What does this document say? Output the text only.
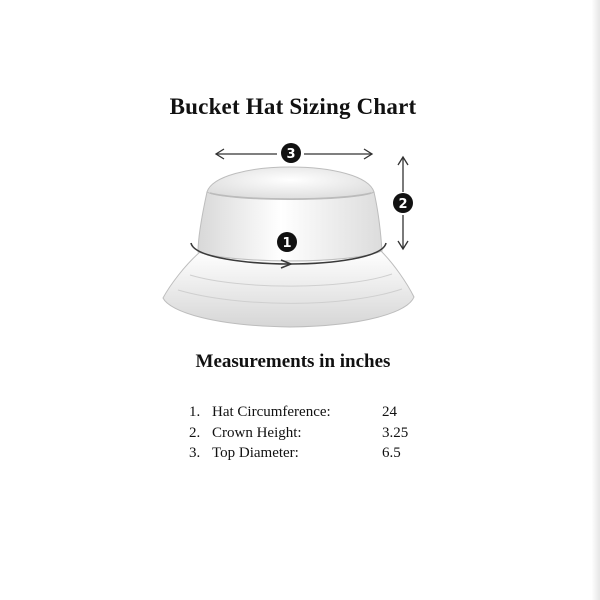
Bucket Hat Sizing Chart
3
2
1
Measurements in inches
1. Hat Circumference:	24
2. Crown Height:	3.25
3. Top Diameter:	6.5
